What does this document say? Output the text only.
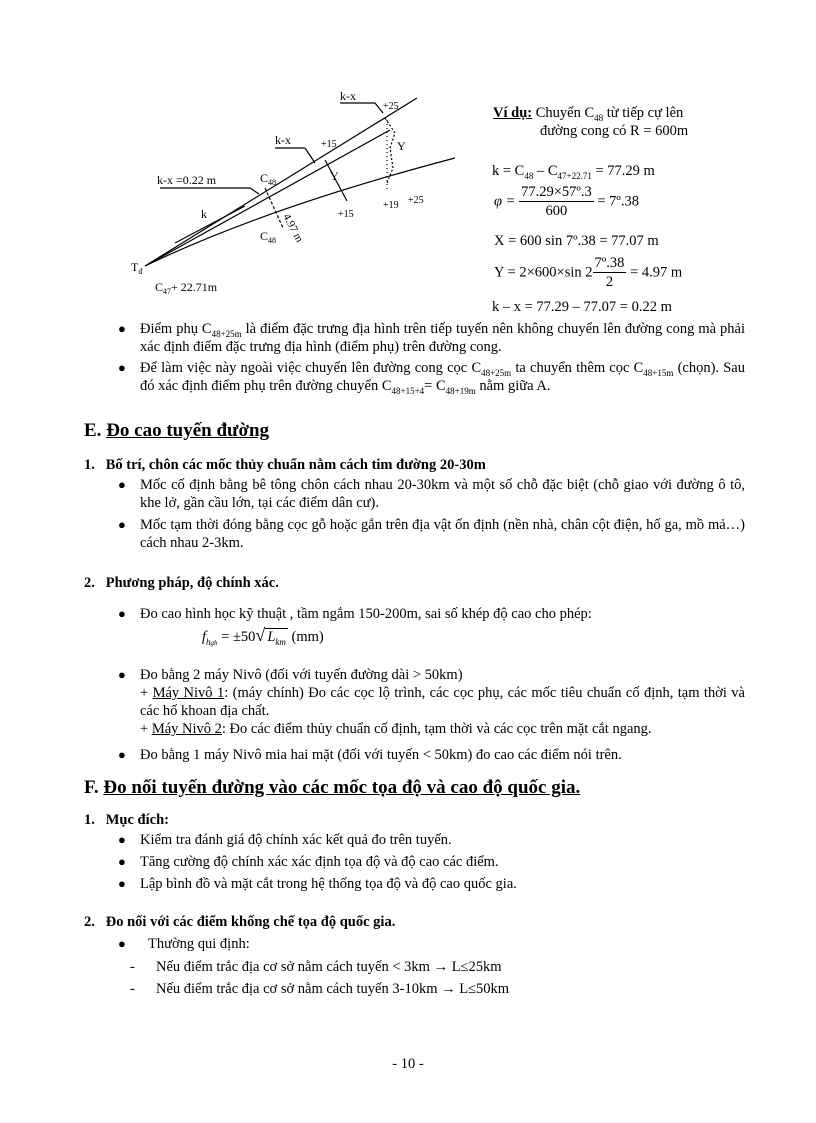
k-x
+25
k-x	+15
$C_{48}$
k-x =0.22 m	Y
Y
k
$C_{48}$ 4.97 m	+15
+19 +25
$T_đ$
$C_{47}+ 22.71m$
Ví dụ: Chuyển $C_{48}$ từ tiếp cự lên
đường cong có R = 600m
$k = C_{48} - C_{47+22.71} = 77.29$ m
$\varphi = \frac{\text{77.29×57º.3}}{600}$ = 7º.38
X = 600 sin 7º.38 = 77.07 m
Y = 2×600×sin $2 \frac{\text{7º.38}}{2} = 4.97$ m
k – x = 77.29 – 77.07 = 0.22 m
● Điểm phụ $C_{48+25m}$ là điểm đặc trưng địa hình trên tiếp tuyến nên không chuyển lên đường cong mà phải xác định điểm đặc trưng địa hình (điểm phụ) trên đường cong.
● Để làm việc này ngoài việc chuyển lên đường cong cọc $C_{48+25m}$ ta chuyển thêm cọc $C_{48+15m}$ (chọn). Sau đó xác định điểm phụ trên đường chuyển $C_{48+15+4}= C_{48+19m}$ nằm giữa A.
E. Đo cao tuyến đường
1. Bố trí, chôn các mốc thủy chuẩn nằm cách tim đường 20-30m
● Mốc cố định bằng bê tông chôn cách nhau 20-30km và một số chỗ đặc biệt (chỗ giao với đường ô tô, khe lở, gần cầu lớn, tại các điểm dân cư).
● Mốc tạm thời đóng bằng cọc gỗ hoặc gắn trên địa vật ổn định (nền nhà, chân cột điện, hố ga, mồ mả…) cách nhau 2-3km.
2. Phương pháp, độ chính xác.
● Đo cao hình học kỹ thuật , tầm ngắm 150-200m, sai số khép độ cao cho phép:
$f_{hgh} = \pm 50√$ $L_{km}$ (mm)
● Đo bằng 2 máy Nivô (đối với tuyến đường dài > 50km)
+ Máy Nivô 1: (máy chính) Đo các cọc lộ trình, các cọc phụ, các mốc tiêu chuẩn cố định, tạm thời và các hố khoan địa chất.
+ Máy Nivô 2: Đo các điểm thủy chuẩn cố định, tạm thời và các cọc trên mặt cắt ngang.
● Đo bằng 1 máy Nivô mia hai mặt (đối với tuyến < 50km) đo cao các điểm nói trên.
F. Đo nối tuyến đường vào các mốc tọa độ và cao độ quốc gia.
1. Mục đích:
● Kiểm tra đánh giá độ chính xác kết quả đo trên tuyến.
● Tăng cường độ chính xác xác định tọa độ và độ cao các điểm.
● Lập bình đồ và mặt cắt trong hệ thống tọa độ và độ cao quốc gia.
2. Đo nối với các điểm khống chế tọa độ quốc gia.
● Thường qui định:
- Nếu điểm trắc địa cơ sở nằm cách tuyến < 3km → L≤25km
- Nếu điểm trắc địa cơ sở nằm cách tuyến 3-10km → L≤50km
- 10 -
